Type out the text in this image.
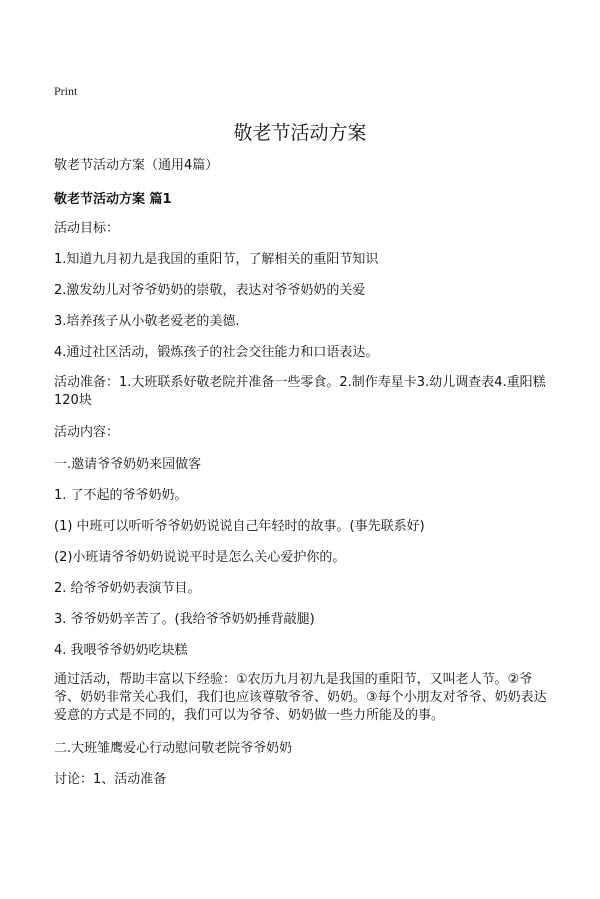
Print
敬老节活动方案
敬老节活动方案（通用4篇）
敬老节活动方案 篇1

活动目标：

1.知道九月初九是我国的重阳节，了解相关的重阳节知识

2.激发幼儿对爷爷奶奶的崇敬，表达对爷爷奶奶的关爱

3.培养孩子从小敬老爱老的美德.

4.通过社区活动，锻炼孩子的社会交往能力和口语表达。

活动准备：1.大班联系好敬老院并准备一些零食。2.制作寿星卡3.幼儿调查表4.重阳糕120块

活动内容：

一.邀请爷爷奶奶来园做客

1. 了不起的爷爷奶奶。

(1) 中班可以听听爷爷奶奶说说自己年轻时的故事。(事先联系好)

(2)小班请爷爷奶奶说说平时是怎么关心爱护你的。

2. 给爷爷奶奶表演节目。

3. 爷爷奶奶辛苦了。(我给爷爷奶奶捶背敲腿)

4. 我喂爷爷奶奶吃块糕

通过活动，帮助丰富以下经验：①农历九月初九是我国的重阳节，又叫老人节。②爷爷、奶奶非常关心我们，我们也应该尊敬爷爷、奶奶。③每个小朋友对爷爷、奶奶表达爱意的方式是不同的，我们可以为爷爷、奶奶做一些力所能及的事。

二.大班雏鹰爱心行动慰问敬老院爷爷奶奶

讨论：1、活动准备
